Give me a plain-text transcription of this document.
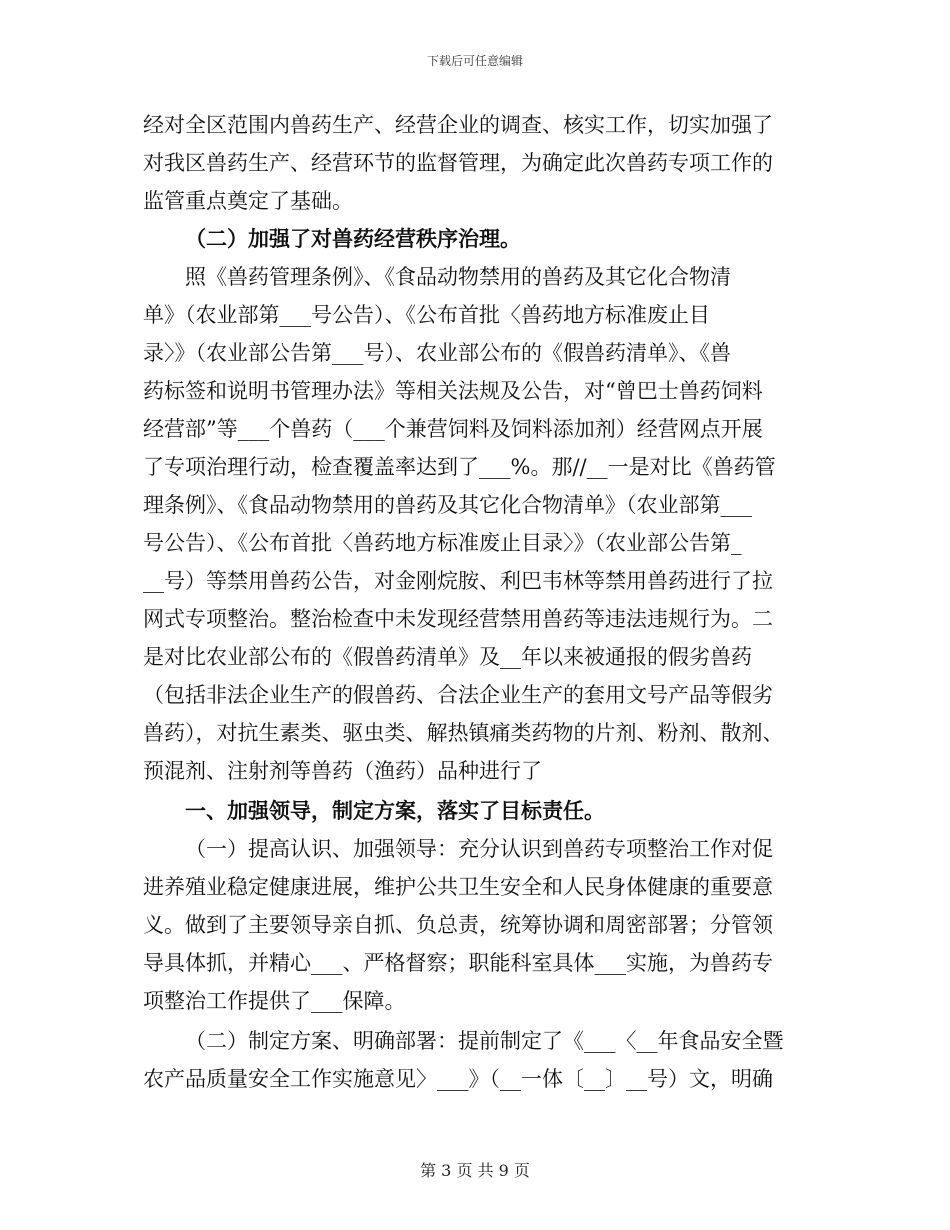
下载后可任意编辑
经对全区范围内兽药生产、经营企业的调查、核实工作，切实加强了
对我区兽药生产、经营环节的监督管理，为确定此次兽药专项工作的
监管重点奠定了基础。
（二）加强了对兽药经营秩序治理。
照《兽药管理条例》、《食品动物禁用的兽药及其它化合物清
单》（农业部第___号公告）、《公布首批〈兽药地方标准废止目
录〉》（农业部公告第___号）、农业部公布的《假兽药清单》、《兽
药标签和说明书管理办法》等相关法规及公告，对“曾巴士兽药饲料
经营部”等___个兽药（___个兼营饲料及饲料添加剂）经营网点开展
了专项治理行动，检查覆盖率达到了___%。那//__一是对比《兽药管
理条例》、《食品动物禁用的兽药及其它化合物清单》（农业部第___
号公告）、《公布首批〈兽药地方标准废止目录〉》（农业部公告第_
__号）等禁用兽药公告，对金刚烷胺、利巴韦林等禁用兽药进行了拉
网式专项整治。整治检查中未发现经营禁用兽药等违法违规行为。二
是对比农业部公布的《假兽药清单》及__年以来被通报的假劣兽药
（包括非法企业生产的假兽药、合法企业生产的套用文号产品等假劣
兽药），对抗生素类、驱虫类、解热镇痛类药物的片剂、粉剂、散剂、
预混剂、注射剂等兽药（渔药）品种进行了
一、加强领导，制定方案，落实了目标责任。
（一）提高认识、加强领导：充分认识到兽药专项整治工作对促
进养殖业稳定健康进展，维护公共卫生安全和人民身体健康的重要意
义。做到了主要领导亲自抓、负总责，统筹协调和周密部署；分管领
导具体抓，并精心___、严格督察；职能科室具体___实施，为兽药专
项整治工作提供了___保障。
（二）制定方案、明确部署：提前制定了《___〈__年食品安全暨
农产品质量安全工作实施意见〉___》（__一体〔__〕__号）文，明确
第 3 页 共 9 页
